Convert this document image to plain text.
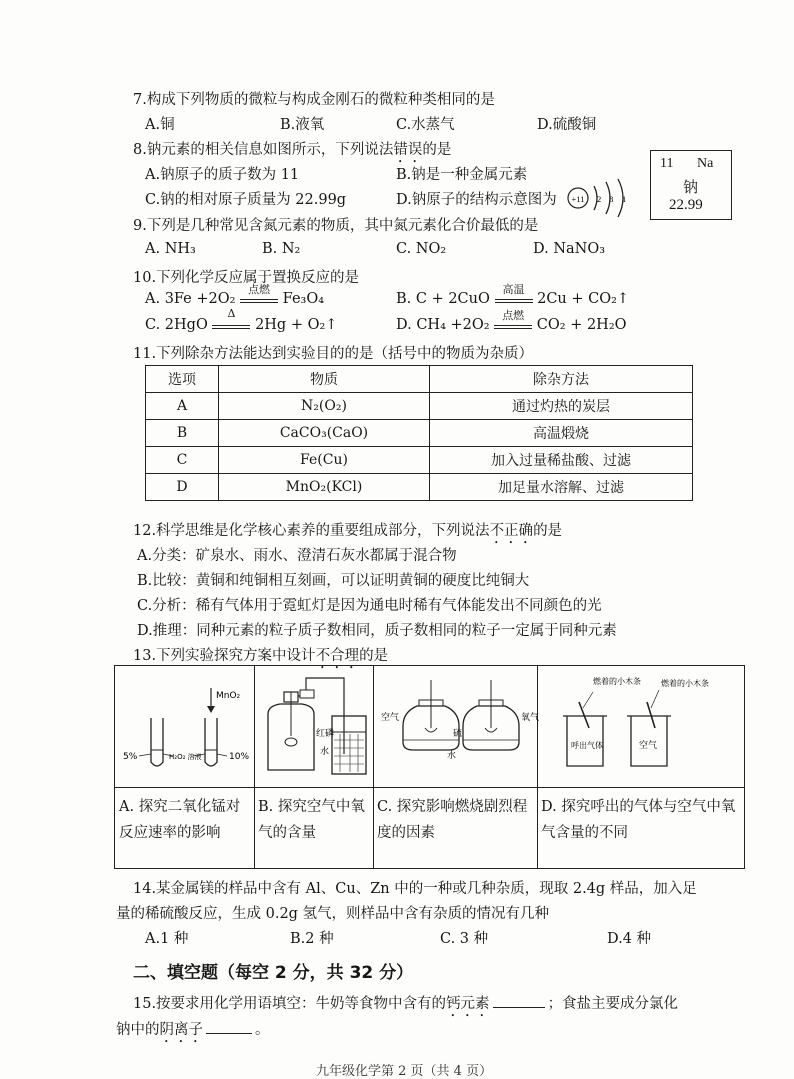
7.构成下列物质的微粒与构成金刚石的微粒种类相同的是
A.铜	B.液氧	C.水蒸气	D.硫酸铜
8.钠元素的相关信息如图所示，下列说法错误的是
A.钠原子的质子数为 11	B.钠是一种金属元素
C.钠的相对原子质量为 22.99g	D.钠原子的结构示意图为 +11 2 8 1
11 Na
钠
22.99
9.下列是几种常见含氮元素的物质，其中氮元素化合价最低的是
A. NH₃	B. N₂	C. NO₂	D. NaNO₃
10.下列化学反应属于置换反应的是
A. 3Fe +2O₂
点燃
Fe₃O₄	B. C + 2CuO
高温
2Cu + CO₂↑
C. 2HgO
Δ
2Hg + O₂↑	D. CH₄ +2O₂
点燃
CO₂ + 2H₂O
11.下列除杂方法能达到实验目的的是（括号中的物质为杂质）
选项	物质	除杂方法
A	N₂(O₂)	通过灼热的炭层
B	CaCO₃(CaO)	高温煅烧
C	Fe(Cu)	加入过量稀盐酸、过滤
D	MnO₂(KCl)	加足量水溶解、过滤
12.科学思维是化学核心素养的重要组成部分，下列说法不正确的是
A.分类：矿泉水、雨水、澄清石灰水都属于混合物
B.比较：黄铜和纯铜相互刻画，可以证明黄铜的硬度比纯铜大
C.分析：稀有气体用于霓虹灯是因为通电时稀有气体能发出不同颜色的光
D.推理：同种元素的粒子质子数相同，质子数相同的粒子一定属于同种元素
13.下列实验探究方案中设计不合理的是
MnO₂
5%	H₂O₂ 溶液	10%
A. 探究二氧化锰对反应速率的影响
红磷
水
B. 探究空气中氧气的含量
空气	氧气
硫
水
C. 探究影响燃烧剧烈程度的因素
燃着的小木条	燃着的小木条
呼出气体	空气
D. 探究呼出的气体与空气中氧气含量的不同
14.某金属镁的样品中含有 Al、Cu、Zn 中的一种或几种杂质，现取 2.4g 样品，加入足
量的稀硫酸反应，生成 0.2g 氢气，则样品中含有杂质的情况有几种
A.1 种	B.2 种	C. 3 种	D.4 种
二、填空题（每空 2 分，共 32 分）
15.按要求用化学用语填空：牛奶等食物中含有的钙元素	；食盐主要成分氯化
钠中的阴离子	。
九年级化学第 2 页（共 4 页）
